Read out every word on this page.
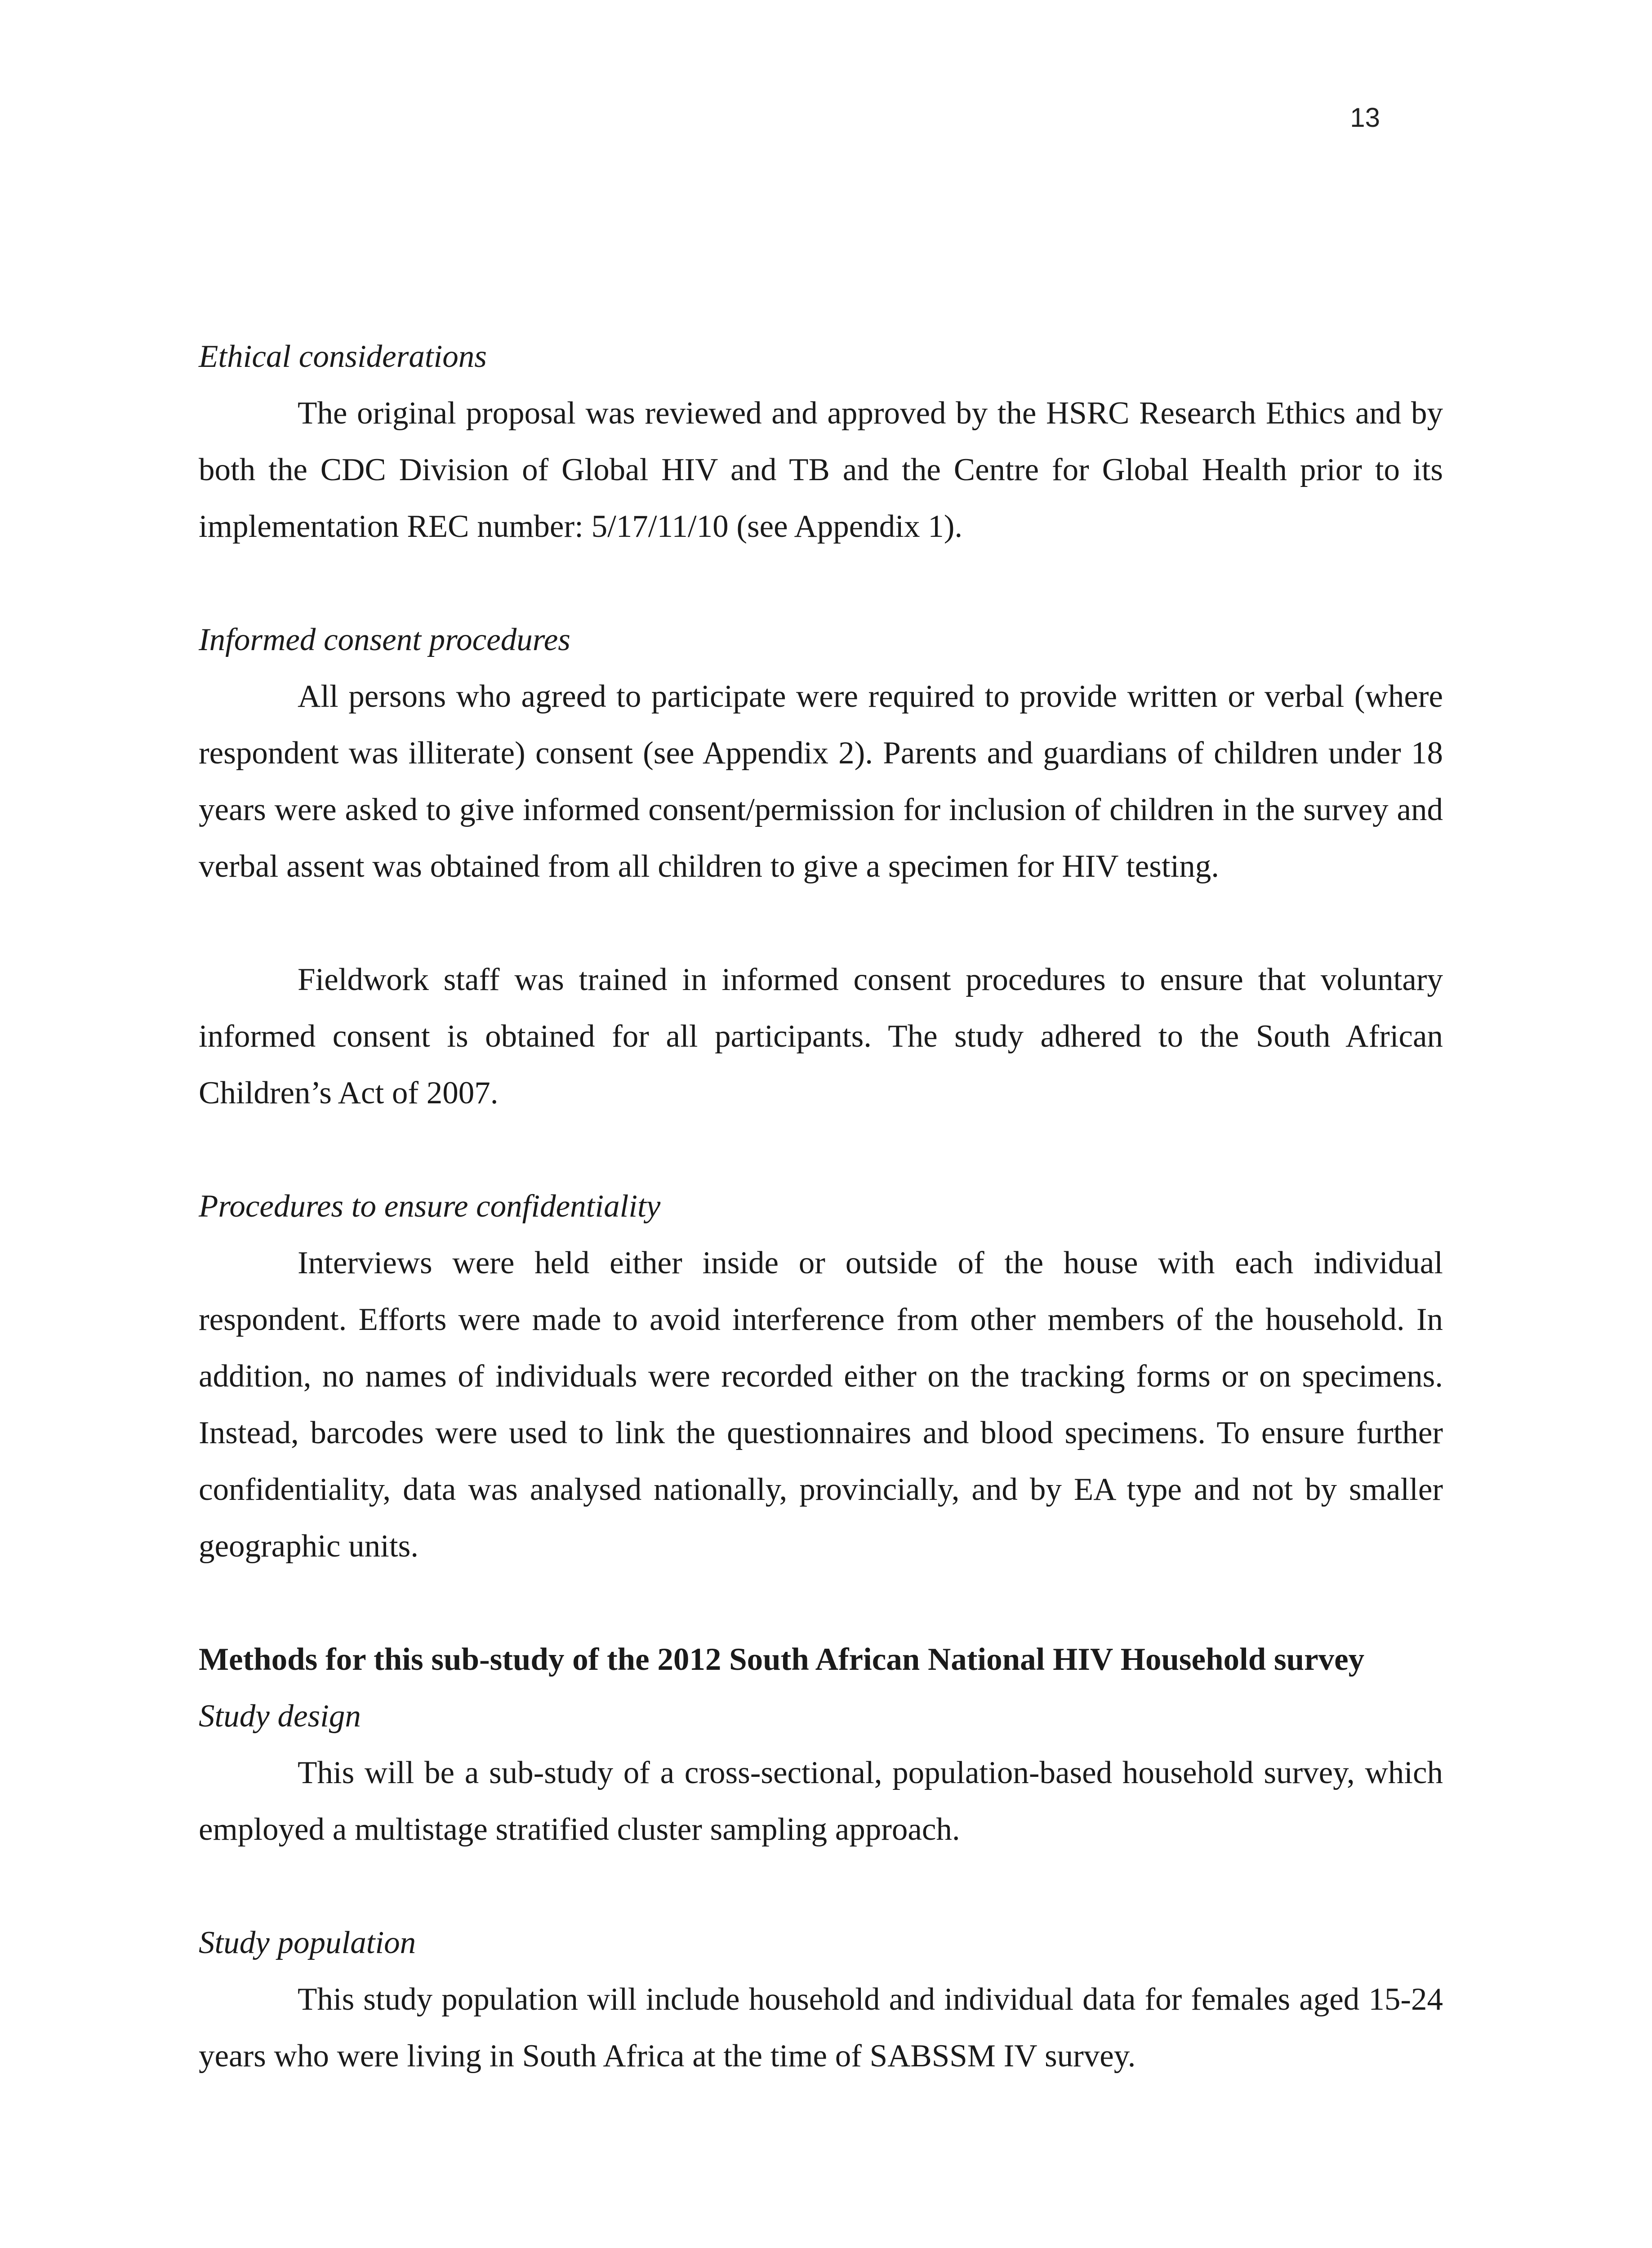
13
Ethical considerations

The original proposal was reviewed and approved by the HSRC Research Ethics and by both the CDC Division of Global HIV and TB and the Centre for Global Health prior to its implementation REC number: 5/17/11/10 (see Appendix 1).

Informed consent procedures

All persons who agreed to participate were required to provide written or verbal (where respondent was illiterate) consent (see Appendix 2). Parents and guardians of children under 18 years were asked to give informed consent/permission for inclusion of children in the survey and verbal assent was obtained from all children to give a specimen for HIV testing.

Fieldwork staff was trained in informed consent procedures to ensure that voluntary informed consent is obtained for all participants. The study adhered to the South African Children’s Act of 2007.

Procedures to ensure confidentiality

Interviews were held either inside or outside of the house with each individual respondent. Efforts were made to avoid interference from other members of the household. In addition, no names of individuals were recorded either on the tracking forms or on specimens. Instead, barcodes were used to link the questionnaires and blood specimens. To ensure further confidentiality, data was analysed nationally, provincially, and by EA type and not by smaller geographic units.

Methods for this sub-study of the 2012 South African National HIV Household survey
Study design

This will be a sub-study of a cross-sectional, population-based household survey, which employed a multistage stratified cluster sampling approach.

Study population

This study population will include household and individual data for females aged 15-24 years who were living in South Africa at the time of SABSSM IV survey.
